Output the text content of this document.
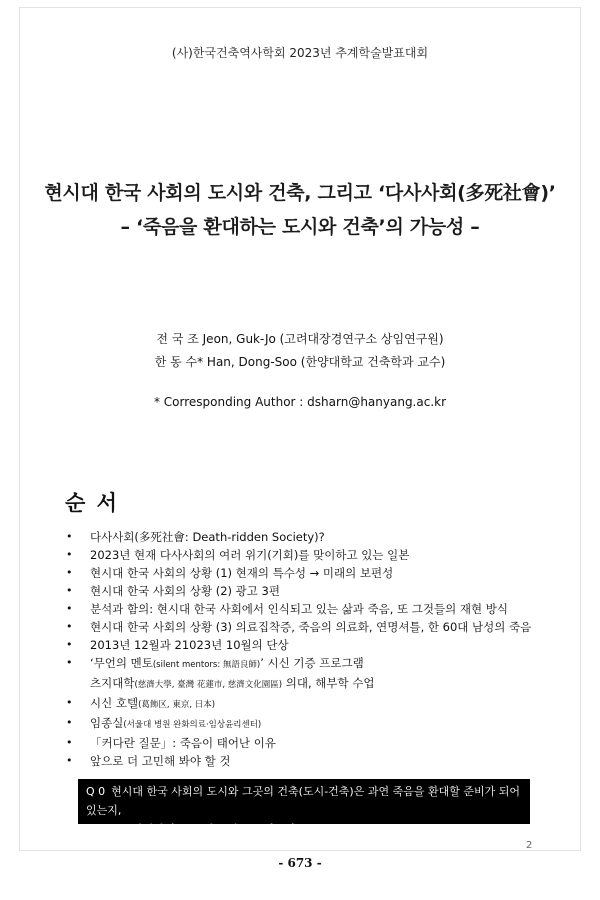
(사)한국건축역사학회 2023년 추계학술발표대회
현시대 한국 사회의 도시와 건축, 그리고 ‘다사사회(多死社會)’
– ‘죽음을 환대하는 도시와 건축’의 가능성 –
전 국 조 Jeon, Guk-Jo (고려대장경연구소 상임연구원)
한 동 수* Han, Dong-Soo (한양대학교 건축학과 교수)
* Corresponding Author : dsharn@hanyang.ac.kr
순 서
• 다사사회(多死社會: Death-ridden Society)?
• 2023년 현재 다사사회의 여러 위기(기회)를 맞이하고 있는 일본
• 현시대 한국 사회의 상황 (1) 현재의 특수성 → 미래의 보편성
• 현시대 한국 사회의 상황 (2) 광고 3편
• 분석과 함의: 현시대 한국 사회에서 인식되고 있는 삶과 죽음, 또 그것들의 재현 방식
• 현시대 한국 사회의 상황 (3) 의료집착증, 죽음의 의료화, 연명셔틀, 한 60대 남성의 죽음
• 2013년 12월과 21023년 10월의 단상
• ‘무언의 멘토(silent mentors: 無語良師)’ 시신 기증 프로그램
츠지대학(慈濟大學, 臺灣 花蓮市, 慈濟文化園區) 의대, 해부학 수업
• 시신 호텔(葛飾区, 東京, 日本)
• 임종실(서울대 병원 완화의료·임상윤리센터)
• 「커다란 질문」: 죽음이 태어난 이유
• 앞으로 더 고민해 봐야 할 것
Q 0 현시대 한국 사회의 도시와 그곳의 건축(도시-건축)은 과연 죽음을 환대할 준비가 되어 있는지,
그도 아니라면 그 준비를 하고는 있는지?
2
- 673 -
